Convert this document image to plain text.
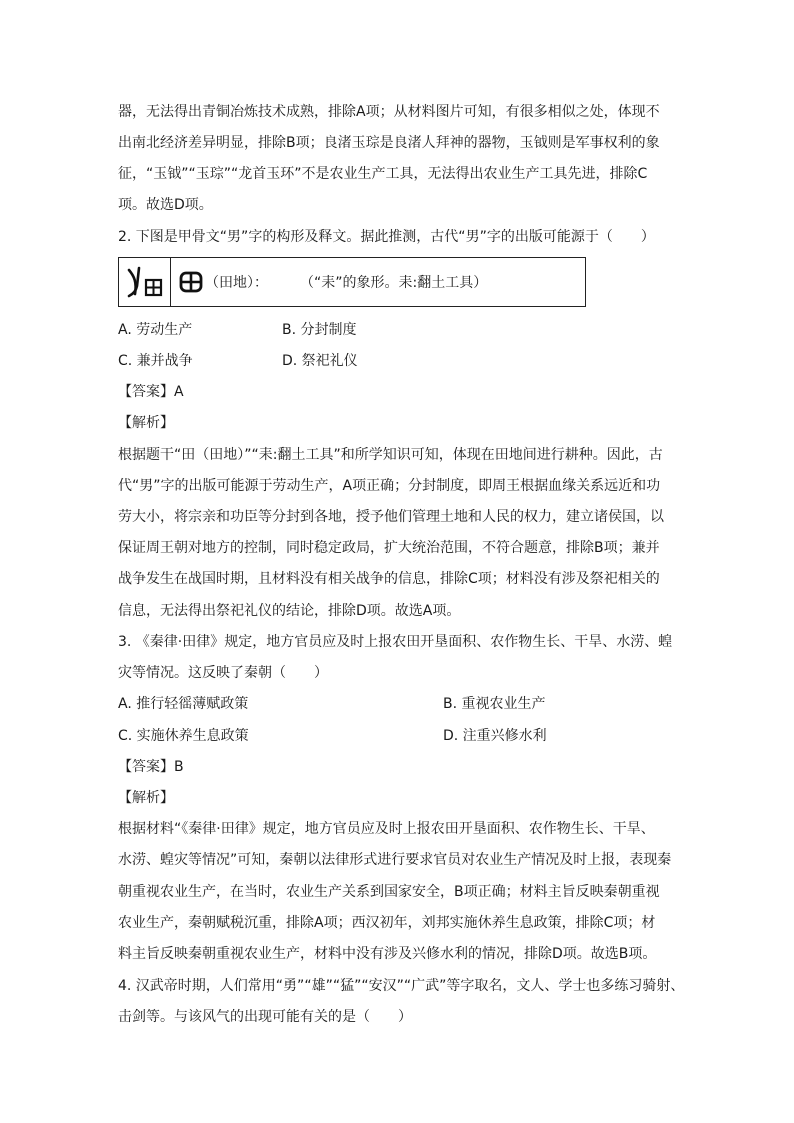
器，无法得出青铜冶炼技术成熟，排除A项；从材料图片可知，有很多相似之处，体现不
出南北经济差异明显，排除B项；良渚玉琮是良渚人拜神的器物，玉钺则是军事权利的象
征，“玉钺”“玉琮”“龙首玉环”不是农业生产工具，无法得出农业生产工具先进，排除C
项。故选D项。
2. 下图是甲骨文“男”字的构形及释文。据此推测，古代“男”字的出版可能源于（　　）
（田地）： （“耒”的象形。耒:翻土工具）
A. 劳动生产	B. 分封制度
C. 兼并战争	D. 祭祀礼仪
【答案】A
【解析】
根据题干“田（田地）”“耒:翻土工具”和所学知识可知，体现在田地间进行耕种。因此，古
代“男”字的出版可能源于劳动生产，A项正确；分封制度，即周王根据血缘关系远近和功
劳大小，将宗亲和功臣等分封到各地，授予他们管理土地和人民的权力，建立诸侯国，以
保证周王朝对地方的控制，同时稳定政局，扩大统治范围，不符合题意，排除B项；兼并
战争发生在战国时期，且材料没有相关战争的信息，排除C项；材料没有涉及祭祀相关的
信息，无法得出祭祀礼仪的结论，排除D项。故选A项。
3. 《秦律·田律》规定，地方官员应及时上报农田开垦面积、农作物生长、干旱、水涝、蝗
灾等情况。这反映了秦朝（　　）
A. 推行轻徭薄赋政策	B. 重视农业生产
C. 实施休养生息政策	D. 注重兴修水利
【答案】B
【解析】
根据材料“《秦律·田律》规定，地方官员应及时上报农田开垦面积、农作物生长、干旱、
水涝、蝗灾等情况”可知，秦朝以法律形式进行要求官员对农业生产情况及时上报，表现秦
朝重视农业生产，在当时，农业生产关系到国家安全，B项正确；材料主旨反映秦朝重视
农业生产，秦朝赋税沉重，排除A项；西汉初年，刘邦实施休养生息政策，排除C项；材
料主旨反映秦朝重视农业生产，材料中没有涉及兴修水利的情况，排除D项。故选B项。
4. 汉武帝时期，人们常用“勇”“雄”“猛”“安汉”“广武”等字取名，文人、学士也多练习骑射、
击剑等。与该风气的出现可能有关的是（　　）
